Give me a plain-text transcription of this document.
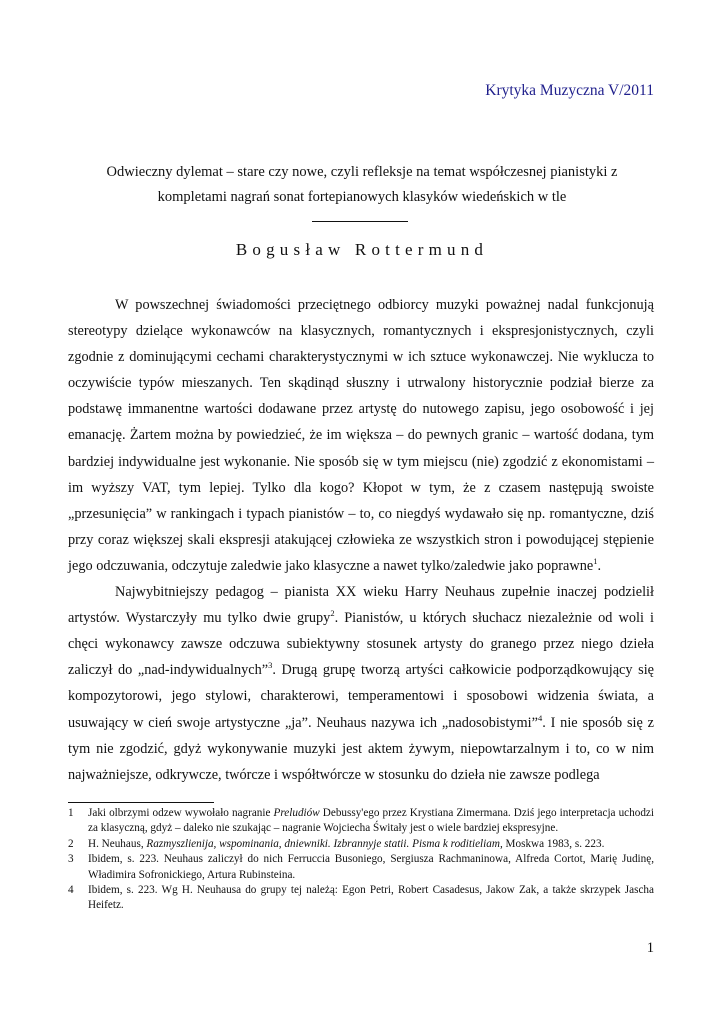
Krytyka Muzyczna V/2011
Odwieczny dylemat – stare czy nowe, czyli refleksje na temat współczesnej pianistyki z
kompletami nagrań sonat fortepianowych klasyków wiedeńskich w tle
Bogusław Rottermund

W powszechnej świadomości przeciętnego odbiorcy muzyki poważnej nadal funkcjonują stereotypy dzielące wykonawców na klasycznych, romantycznych i ekspresjonistycznych, czyli zgodnie z dominującymi cechami charakterystycznymi w ich sztuce wykonawczej. Nie wyklucza to oczywiście typów mieszanych. Ten skądinąd słuszny i utrwalony historycznie podział bierze za podstawę immanentne wartości dodawane przez artystę do nutowego zapisu, jego osobowość i jej emanację. Żartem można by powiedzieć, że im większa – do pewnych granic – wartość dodana, tym bardziej indywidualne jest wykonanie. Nie sposób się w tym miejscu (nie) zgodzić z ekonomistami – im wyższy VAT, tym lepiej. Tylko dla kogo? Kłopot w tym, że z czasem następują swoiste „przesunięcia” w rankingach i typach pianistów – to, co niegdyś wydawało się np. romantyczne, dziś przy coraz większej skali ekspresji atakującej człowieka ze wszystkich stron i powodującej stępienie jego odczuwania, odczytuje zaledwie jako klasyczne a nawet tylko/zaledwie jako poprawne$^1$.

Najwybitniejszy pedagog – pianista XX wieku Harry Neuhaus zupełnie inaczej podzielił artystów. Wystarczyły mu tylko dwie grupy$^2$. Pianistów, u których słuchacz niezależnie od woli i chęci wykonawcy zawsze odczuwa subiektywny stosunek artysty do granego przez niego dzieła zaliczył do „nad-indywidualnych”$^3$. Drugą grupę tworzą artyści całkowicie podporządkowujący się kompozytorowi, jego stylowi, charakterowi, temperamentowi i sposobowi widzenia świata, a usuwający w cień swoje artystyczne „ja”. Neuhaus nazywa ich „nadosobistymi”$^4$. I nie sposób się z tym nie zgodzić, gdyż wykonywanie muzyki jest aktem żywym, niepowtarzalnym i to, co w nim najważniejsze, odkrywcze, twórcze i współtwórcze w stosunku do dzieła nie zawsze podlega

1	Jaki olbrzymi odzew wywołało nagranie Preludiów Debussy'ego przez Krystiana Zimermana. Dziś jego interpretacja uchodzi za klasyczną, gdyż – daleko nie szukając – nagranie Wojciecha Świtały jest o wiele bardziej ekspresyjne.
2	H. Neuhaus, Razmyszlienija, wspominania, dniewniki. Izbrannyje statii. Pisma k roditieliam, Moskwa 1983, s. 223.
3	Ibidem, s. 223. Neuhaus zaliczył do nich Ferruccia Busoniego, Sergiusza Rachmaninowa, Alfreda Cortot, Marię Judinę, Władimira Sofronickiego, Artura Rubinsteina.
4	Ibidem, s. 223. Wg H. Neuhausa do grupy tej należą: Egon Petri, Robert Casadesus, Jakow Zak, a także skrzypek Jascha Heifetz.
1
